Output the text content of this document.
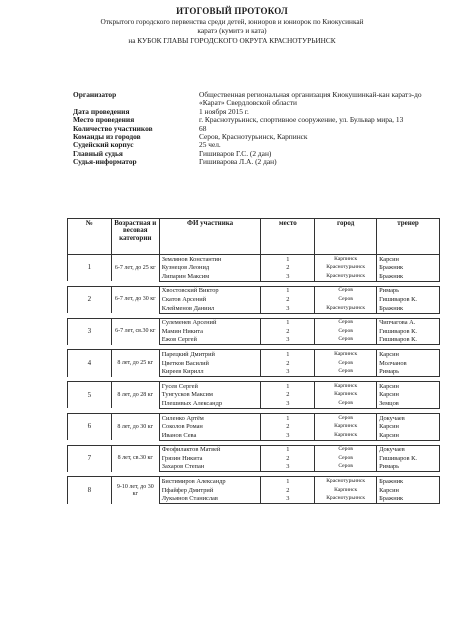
ИТОГОВЫЙ ПРОТОКОЛ
Открытого городского первенства среди детей, юниоров и юниорок по Киокусинкай
каратэ (кумитэ и ката)
на КУБОК ГЛАВЫ ГОРОДСКОГО ОКРУГА КРАСНОТУРЬИНСК
Организатор	Общественная региональная организация Киокушинкай-кан каратэ-до «Карат» Свердловской области
Дата проведения	1 ноября 2015 г.
Место проведения	г. Краснотурьинск, спортивное сооружение, ул. Бульвар мира, 13
Количество участников	68
Команды из городов	Серов, Краснотурьинск, Карпинск
Судейский корпус	25 чел.
Главный судья	Гишиваров Г.С. (2 дан)
Судья-информатор	Гишиварова Л.А. (2 дан)
№	Возрастная и весовая категории	ФИ участника	место	город	тренер
1	6-7 лет, до 25 кг	Землянов Константин	1	Карпинск	Карсин
		Кузнецов Леонид	2	Краснотурьинск	Бражник
		Липарин Максим	3	Краснотурьинск	Бражник

2	6-7 лет, до 30 кг	Хвостовский Виктор	1	Серов	Римарь
		Скатов Арсений	2	Серов	Гишиваров К.
		Клейменов Даниил	3	Краснотурьинск	Бражник

3	6-7 лет, св.30 кг	Сулеменев Арсений	1	Серов	Чипчагова А.
		Мамин Никита	2	Серов	Гишиваров К.
		Ежов Сергей	3	Серов	Гишиваров К.

4	8 лет, до 25 кг	Парецкий Дмитрий	1	Карпинск	Карсин
		Цветков Василий	2	Серов	Молчанов
		Киреев Кирилл	3	Серов	Римарь

5	8 лет, до 28 кг	Гусев Сергей	1	Карпинск	Карсин
		Тунгусков Максим	2	Карпинск	Карсин
		Плешивых Александр	3	Серов	Земцов

6	8 лет, до 30 кг	Силенко Артём	1	Серов	Докучаев
		Соколов Роман	2	Карпинск	Карсин
		Иванов Сева	3	Карпинск	Карсин

7	8 лет, св.30 кг	Феофилактов Матвей	1	Серов	Докучаев
		Грязин Никита	2	Серов	Гишиваров К.
		Захаров Степан	3	Серов	Римарь

8	9-10 лет, до 30 кг	Бистимиров Александр	1	Краснотурьинск	Бражник
		Пфайфер Дмитрий	2	Карпинск	Карсин
		Лукьянов Станислав	3	Краснотурьинск	Бражник
